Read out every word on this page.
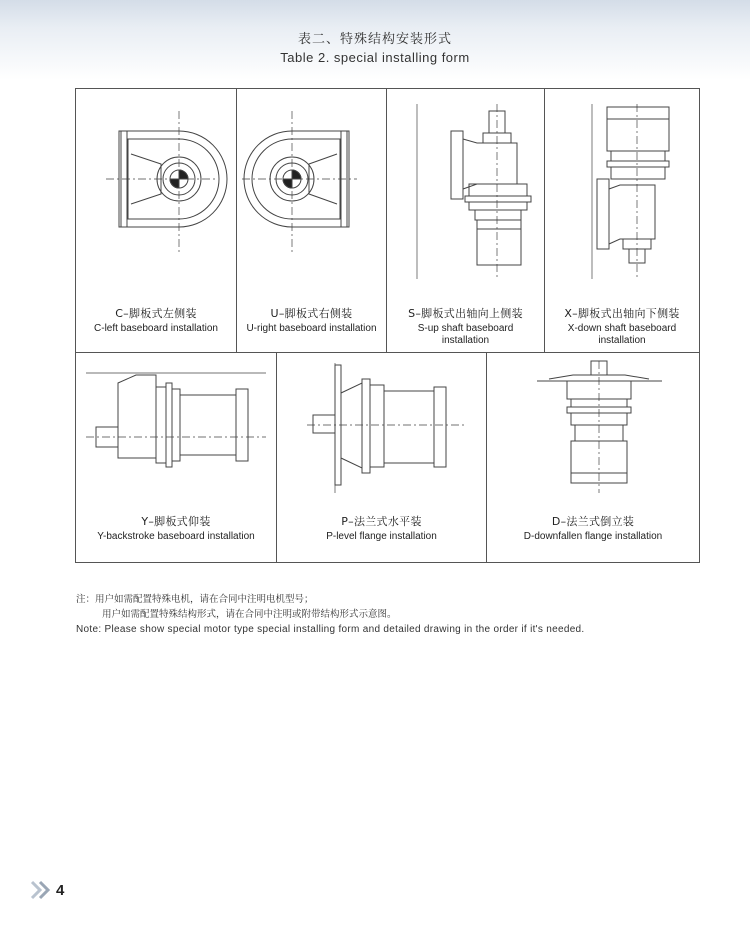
表二、特殊结构安装形式
Table 2. special installing form
C–脚板式左侧装
C-left baseboard installation
U–脚板式右侧装
U-right baseboard installation
S–脚板式出轴向上侧装
S-up shaft baseboard
installation
X–脚板式出轴向下侧装
X-down shaft baseboard
installation
Y–脚板式仰装
Y-backstroke baseboard installation
P–法兰式水平装
P-level flange installation
D–法兰式倒立装
D-downfallen flange installation
注：用户如需配置特殊电机，请在合同中注明电机型号；
用户如需配置特殊结构形式，请在合同中注明或附带结构形式示意图。
Note: Please show special motor type special installing form and detailed drawing in the order if it's needed.
4
